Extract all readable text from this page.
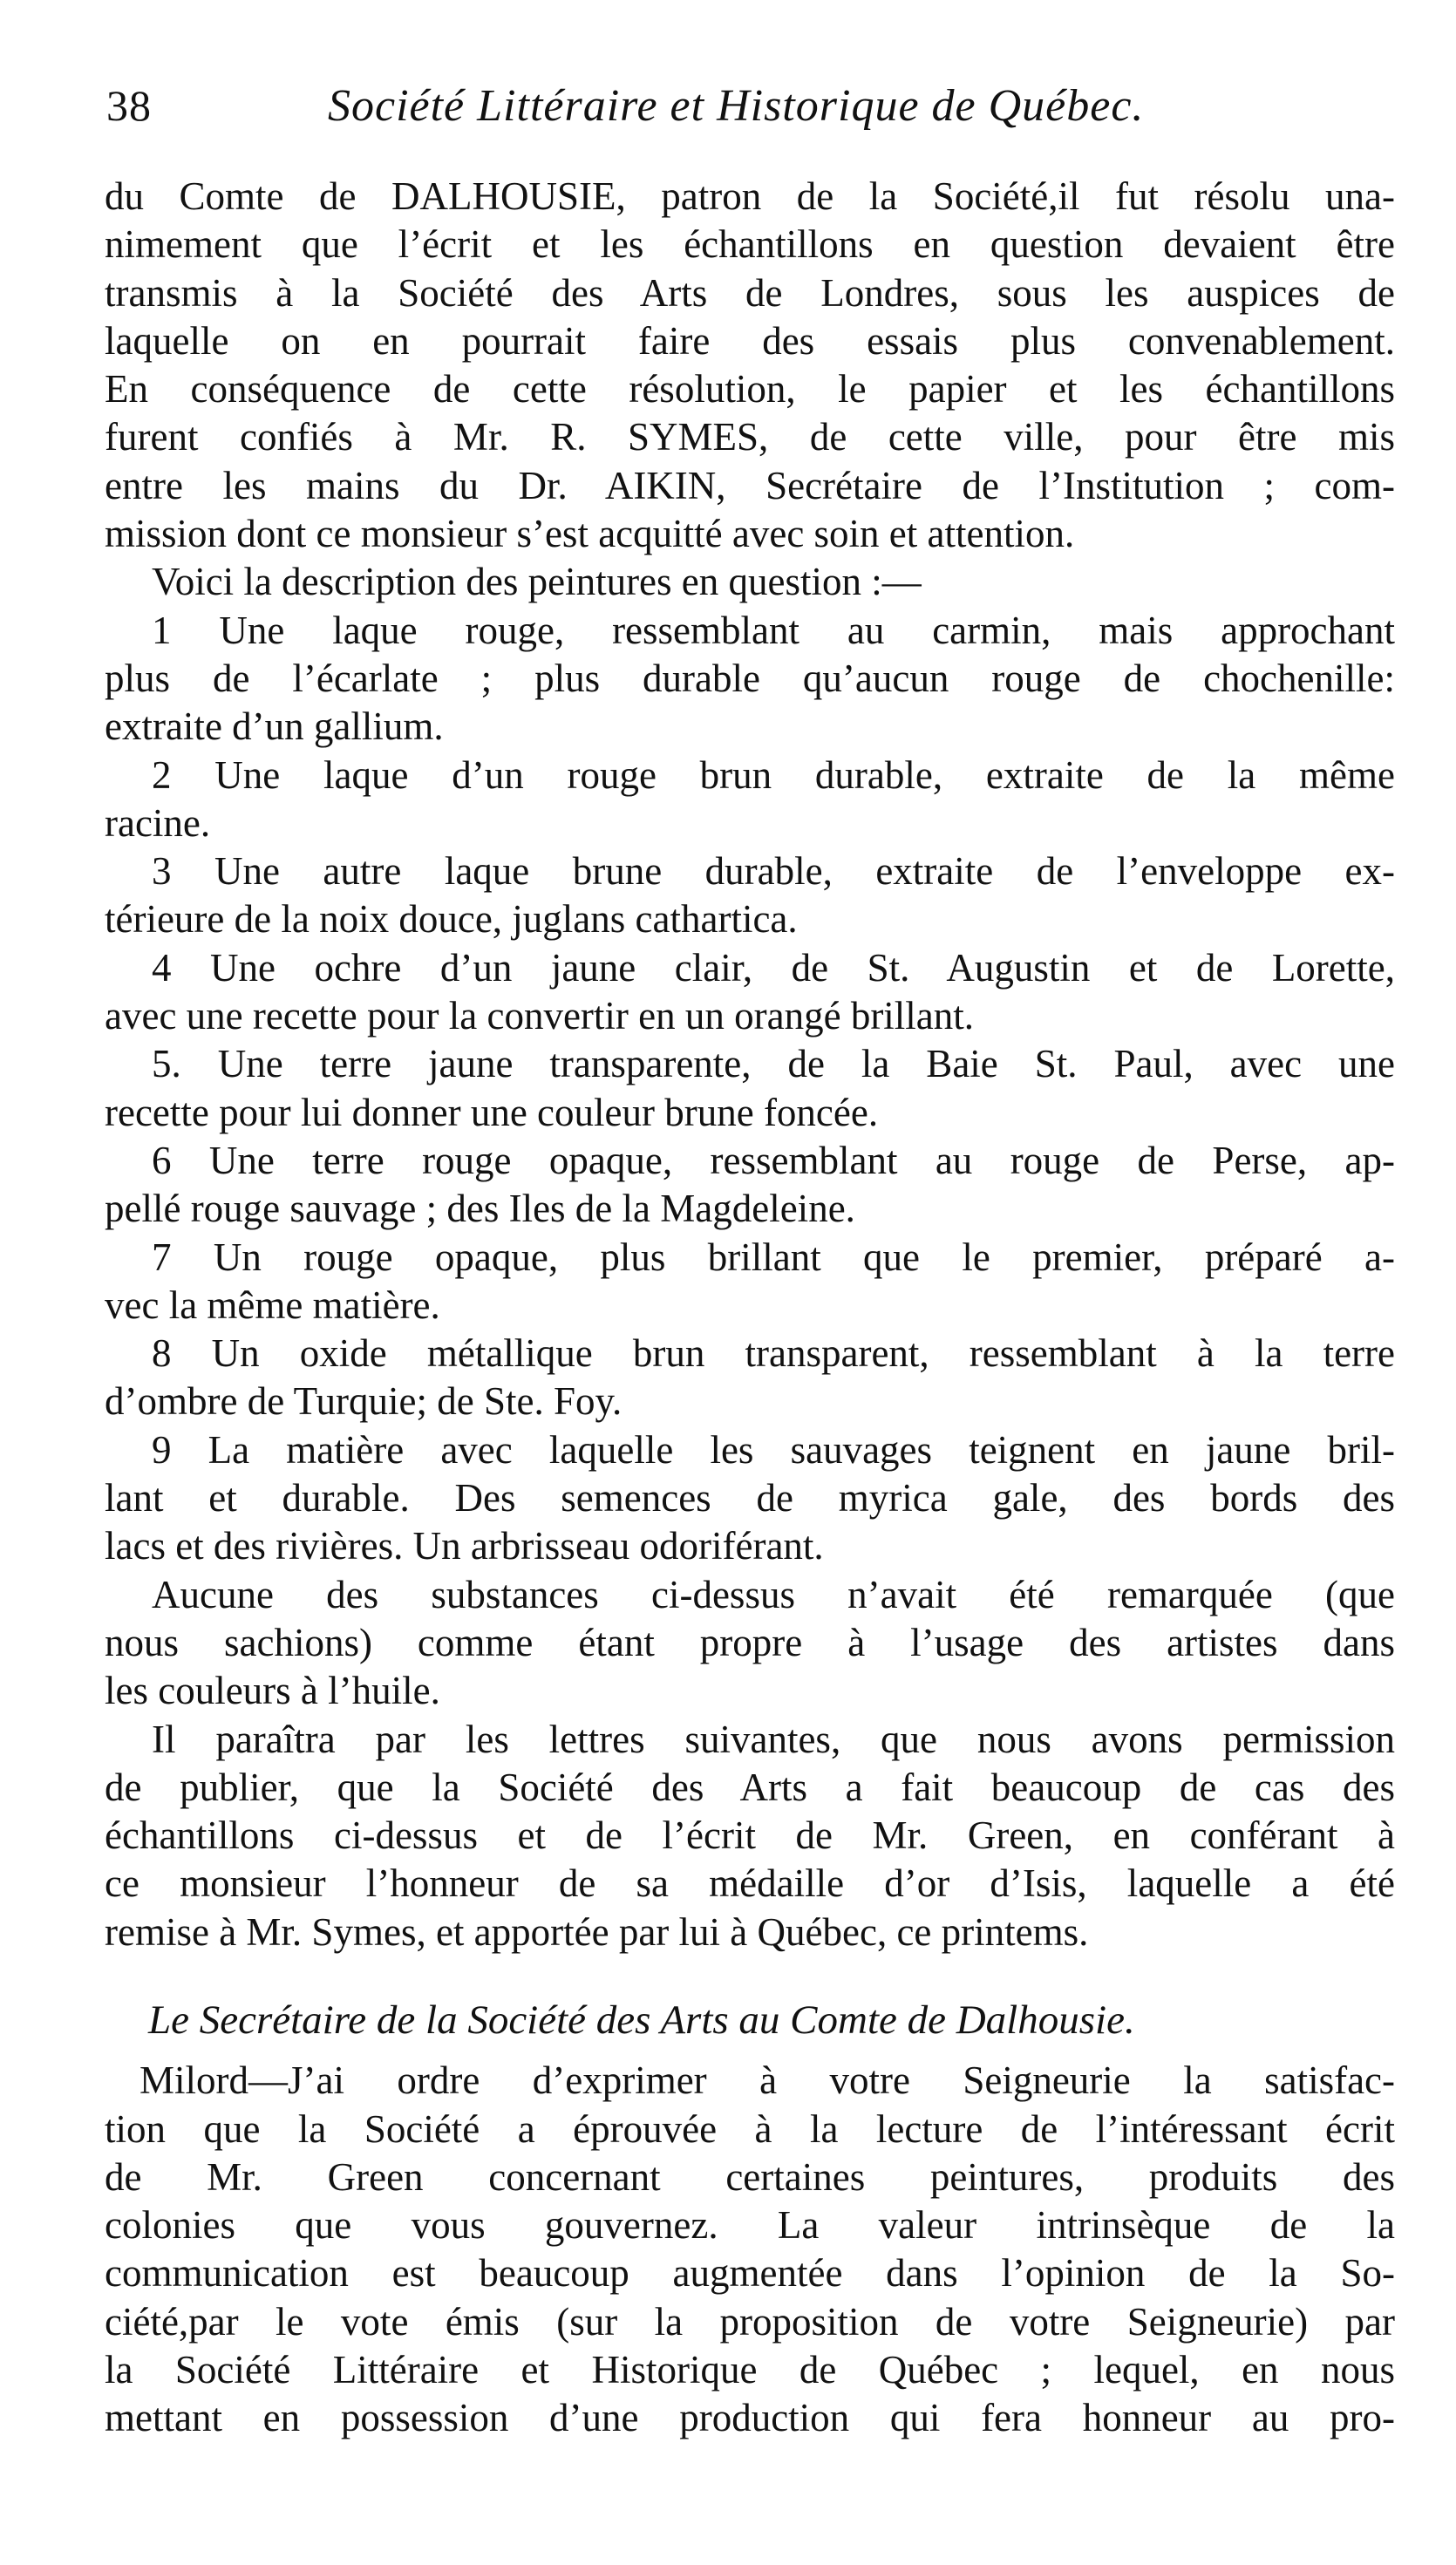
38	Société Littéraire et Historique de Québec.
du Comte de DALHOUSIE, patron de la Société,il fut résolu una-
nimement que l’écrit et les échantillons en question devaient être
transmis à la Société des Arts de Londres, sous les auspices de
laquelle on en pourrait faire des essais plus convenablement.
En conséquence de cette résolution, le papier et les échantillons
furent confiés à Mr. R. SYMES, de cette ville, pour être mis
entre les mains du Dr. AIKIN, Secrétaire de l’Institution ; com-
mission dont ce monsieur s’est acquitté avec soin et attention.
Voici la description des peintures en question :—
1 Une laque rouge, ressemblant au carmin, mais approchant
plus de l’écarlate ; plus durable qu’aucun rouge de chochenille:
extraite d’un gallium.
2 Une laque d’un rouge brun durable, extraite de la même
racine.
3 Une autre laque brune durable, extraite de l’enveloppe ex-
térieure de la noix douce, juglans cathartica.
4 Une ochre d’un jaune clair, de St. Augustin et de Lorette,
avec une recette pour la convertir en un orangé brillant.
5. Une terre jaune transparente, de la Baie St. Paul, avec une
recette pour lui donner une couleur brune foncée.
6 Une terre rouge opaque, ressemblant au rouge de Perse, ap-
pellé rouge sauvage ; des Iles de la Magdeleine.
7 Un rouge opaque, plus brillant que le premier, préparé a-
vec la même matière.
8 Un oxide métallique brun transparent, ressemblant à la terre
d’ombre de Turquie; de Ste. Foy.
9 La matière avec laquelle les sauvages teignent en jaune bril-
lant et durable. Des semences de myrica gale, des bords des
lacs et des rivières. Un arbrisseau odoriférant.
Aucune des substances ci-dessus n’avait été remarquée (que
nous sachions) comme étant propre à l’usage des artistes dans
les couleurs à l’huile.
Il paraîtra par les lettres suivantes, que nous avons permission
de publier, que la Société des Arts a fait beaucoup de cas des
échantillons ci-dessus et de l’écrit de Mr. Green, en conférant à
ce monsieur l’honneur de sa médaille d’or d’Isis, laquelle a été
remise à Mr. Symes, et apportée par lui à Québec, ce printems.
Le Secrétaire de la Société des Arts au Comte de Dalhousie.
Milord—J’ai ordre d’exprimer à votre Seigneurie la satisfac-
tion que la Société a éprouvée à la lecture de l’intéressant écrit
de Mr. Green concernant certaines peintures, produits des
colonies que vous gouvernez. La valeur intrinsèque de la
communication est beaucoup augmentée dans l’opinion de la So-
ciété,par le vote émis (sur la proposition de votre Seigneurie) par
la Société Littéraire et Historique de Québec ; lequel, en nous
mettant en possession d’une production qui fera honneur au pro-
